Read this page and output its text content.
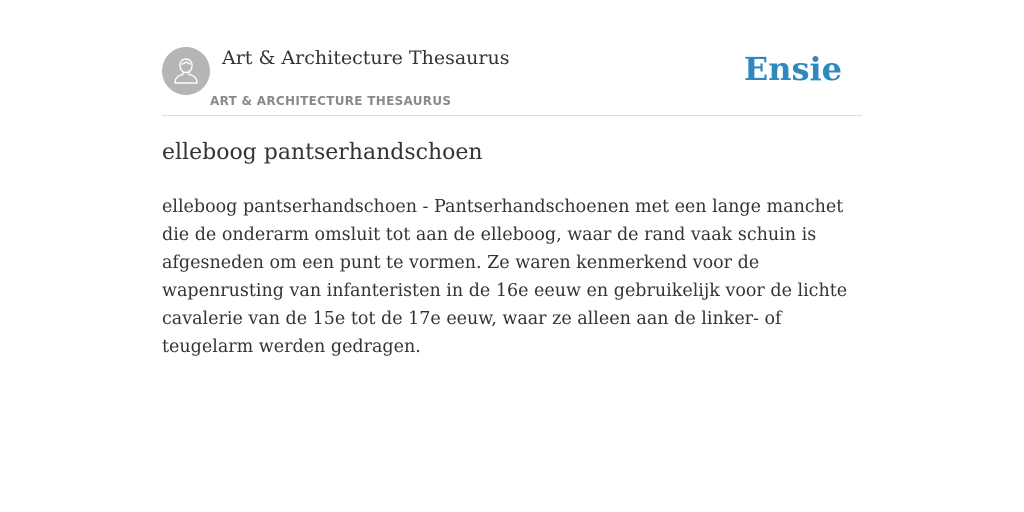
Art & Architecture Thesaurus
ART & ARCHITECTURE THESAURUS
Ensie
elleboog pantserhandschoen

elleboog pantserhandschoen - Pantserhandschoenen met een lange manchet die de onderarm omsluit tot aan de elleboog, waar de rand vaak schuin is afgesneden om een punt te vormen. Ze waren kenmerkend voor de wapenrusting van infanteristen in de 16e eeuw en gebruikelijk voor de lichte cavalerie van de 15e tot de 17e eeuw, waar ze alleen aan de linker- of teugelarm werden gedragen.
